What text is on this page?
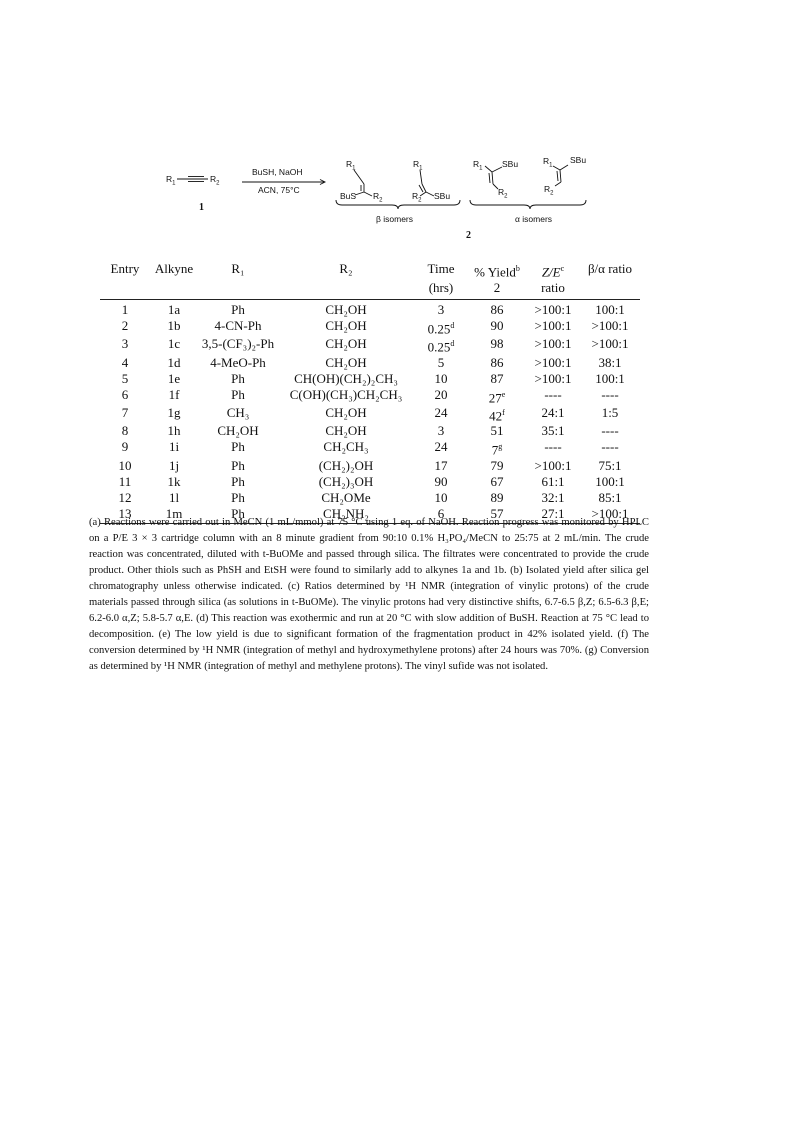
$R_1$	$R_2$
1
BuSH, NaOH
ACN, 75°C
$R_1$
BuS $R_2$
$R_1$
$R_2$ SBu
$R_1$ SBu
$R_2$
$R_1$
SBu
$R_2$
β isomers	α isomers
2
Entry	Alkyne	R₁	R₂	Time	% Yield$^b$	$Z/E^c$	β/α ratio
				(hrs)	2	ratio	
1	1a	Ph	CH₂OH	3	86	>100:1	100:1
2	1b	4-CN-Ph	CH₂OH	0.25$^d$	90	>100:1	>100:1
3	1c	3,5-(CF₃)₂-Ph	CH₂OH	0.25$^d$	98	>100:1	>100:1
4	1d	4-MeO-Ph	CH₂OH	5	86	>100:1	38:1
5	1e	Ph	CH(OH)(CH₂)₂CH₃	10	87	>100:1	100:1
6	1f	Ph	C(OH)(CH₃)CH₂CH₃	20	27e	----	----
7	1g	CH₃	CH₂OH	24	42$^f$	24:1	1:5
8	1h	CH₂OH	CH₂OH	3	51	35:1	----
9	1i	Ph	CH₂CH₃	24	7$^g$	----	----
10	1j	Ph	(CH₂)₂OH	17	79	>100:1	75:1
11	1k	Ph	(CH₂)₃OH	90	67	61:1	100:1
12	1l	Ph	CH₂OMe	10	89	32:1	85:1
13	1m	Ph	CH₂NH₂	6	57	27:1	>100:1
(a) Reactions were carried out in MeCN (1 mL/mmol) at 75 °C using 1 eq. of NaOH. Reaction progress was monitored by HPLC on a P/E 3 × 3 cartridge column with an 8 minute gradient from 90:10 0.1% H₃PO₄/MeCN to 25:75 at 2 mL/min. The crude reaction was concentrated, diluted with t-BuOMe and passed through silica. The filtrates were concentrated to provide the crude product. Other thiols such as PhSH and EtSH were found to similarly add to alkynes 1a and 1b. (b) Isolated yield after silica gel chromatography unless otherwise indicated. (c) Ratios determined by ¹H NMR (integration of vinylic protons) of the crude materials passed through silica (as solutions in t-BuOMe). The vinylic protons had very distinctive shifts, 6.7-6.5 β,Z; 6.5-6.3 β,E; 6.2-6.0 α,Z; 5.8-5.7 α,E. (d) This reaction was exothermic and run at 20 °C with slow addition of BuSH. Reaction at 75 °C lead to decomposition. (e) The low yield is due to significant formation of the fragmentation product in 42% isolated yield. (f) The conversion determined by ¹H NMR (integration of methyl and hydroxymethylene protons) after 24 hours was 70%. (g) Conversion as determined by ¹H NMR (integration of methyl and methylene protons). The vinyl sufide was not isolated.
